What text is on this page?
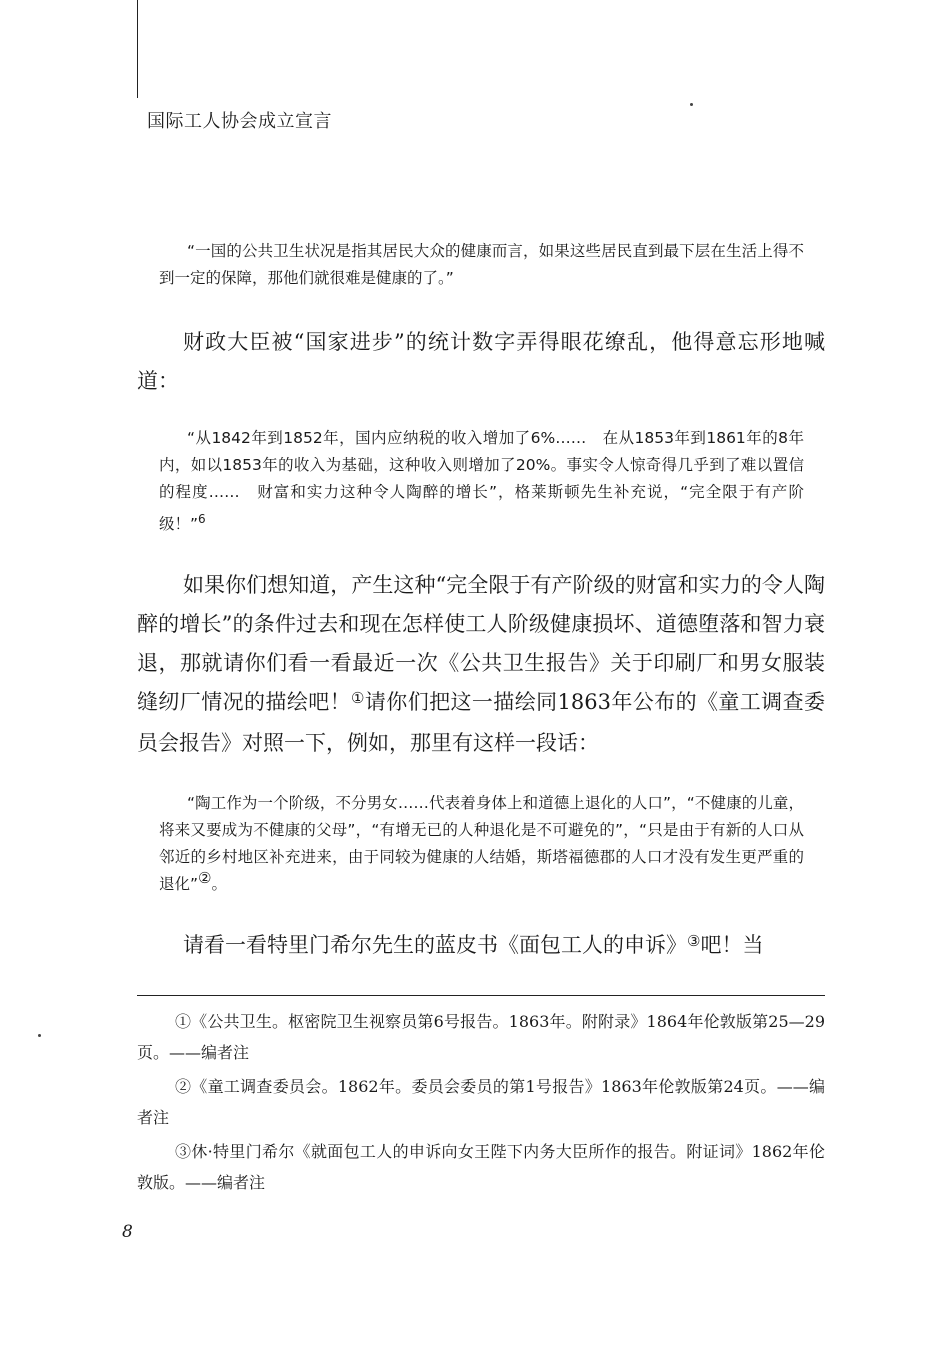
国际工人协会成立宣言

“一国的公共卫生状况是指其居民大众的健康而言，如果这些居民直到最下层在生活上得不到一定的保障，那他们就很难是健康的了。”

财政大臣被“国家进步”的统计数字弄得眼花缭乱，他得意忘形地喊道：

“从1842年到1852年，国内应纳税的收入增加了6%……　在从1853年到1861年的8年内，如以1853年的收入为基础，这种收入则增加了20%。事实令人惊奇得几乎到了难以置信的程度……　财富和实力这种令人陶醉的增长”，格莱斯顿先生补充说，“完全限于有产阶级！”$^6$

如果你们想知道，产生这种“完全限于有产阶级的财富和实力的令人陶醉的增长”的条件过去和现在怎样使工人阶级健康损坏、道德堕落和智力衰退，那就请你们看一看最近一次《公共卫生报告》关于印刷厂和男女服装缝纫厂情况的描绘吧！①请你们把这一描绘同1863年公布的《童工调查委员会报告》对照一下，例如，那里有这样一段话：

“陶工作为一个阶级，不分男女……代表着身体上和道德上退化的人口”，“不健康的儿童，将来又要成为不健康的父母”，“有增无已的人种退化是不可避免的”，“只是由于有新的人口从邻近的乡村地区补充进来，由于同较为健康的人结婚，斯塔福德郡的人口才没有发生更严重的退化”②。

请看一看特里门希尔先生的蓝皮书《面包工人的申诉》③吧！当

①《公共卫生。枢密院卫生视察员第6号报告。1863年。附附录》1864年伦敦版第25—29页。——编者注

②《童工调查委员会。1862年。委员会委员的第1号报告》1863年伦敦版第24页。——编者注

③休·特里门希尔《就面包工人的申诉向女王陛下内务大臣所作的报告。附证词》1862年伦敦版。——编者注

8
